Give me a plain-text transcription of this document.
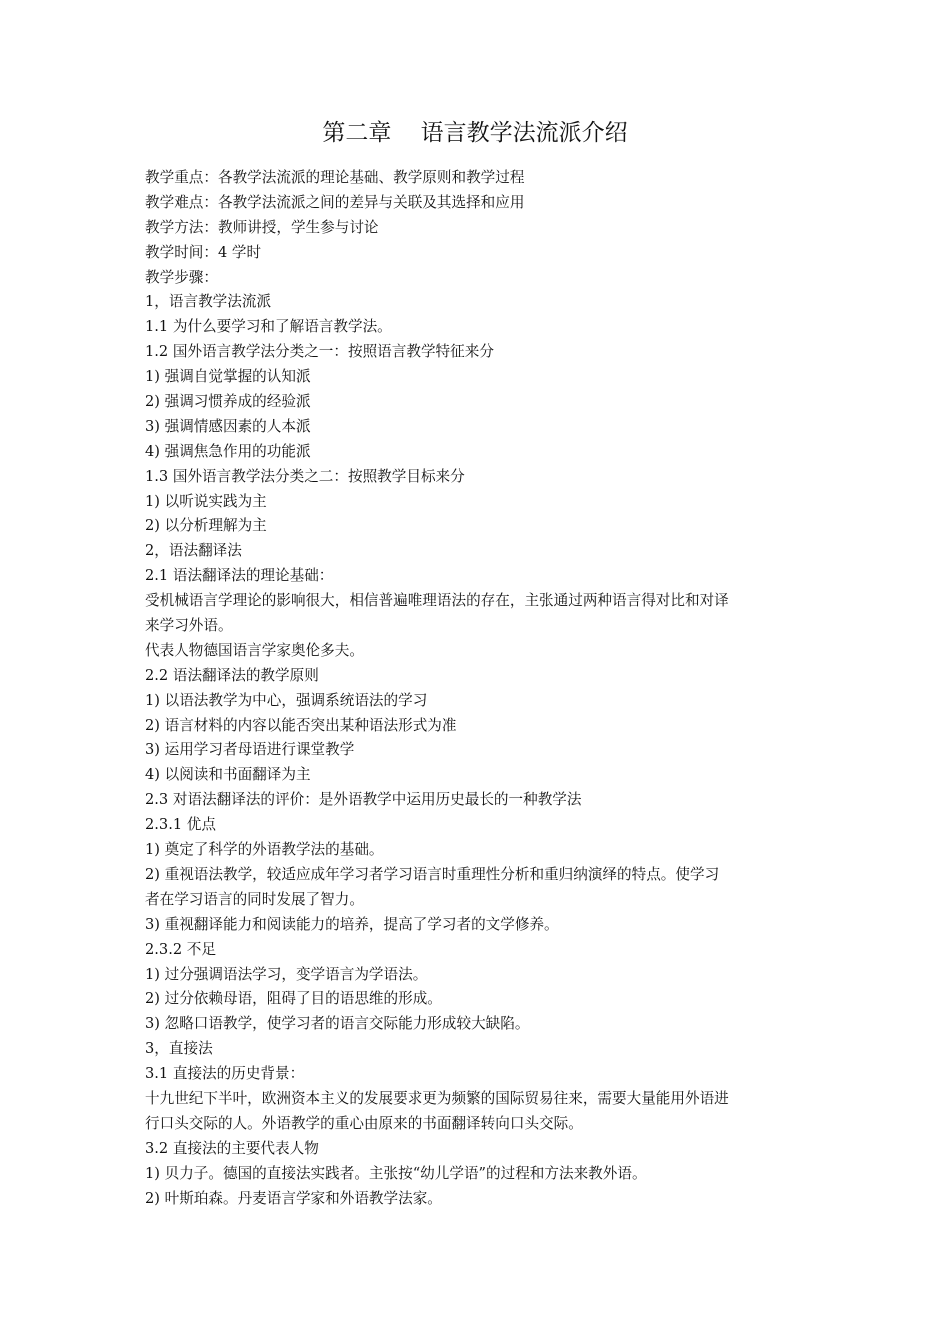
第二章    语言教学法流派介绍
教学重点：各教学法流派的理论基础、教学原则和教学过程
教学难点：各教学法流派之间的差异与关联及其选择和应用
教学方法：教师讲授，学生参与讨论
教学时间：4 学时
教学步骤：
1，语言教学法流派
1.1 为什么要学习和了解语言教学法。
1.2 国外语言教学法分类之一：按照语言教学特征来分
1) 强调自觉掌握的认知派
2) 强调习惯养成的经验派
3) 强调情感因素的人本派
4) 强调焦急作用的功能派
1.3 国外语言教学法分类之二：按照教学目标来分
1) 以听说实践为主
2) 以分析理解为主
2，语法翻译法
2.1 语法翻译法的理论基础：
受机械语言学理论的影响很大，相信普遍唯理语法的存在，主张通过两种语言得对比和对译
来学习外语。
代表人物德国语言学家奥伦多夫。
2.2 语法翻译法的教学原则
1) 以语法教学为中心，强调系统语法的学习
2) 语言材料的内容以能否突出某种语法形式为准
3) 运用学习者母语进行课堂教学
4) 以阅读和书面翻译为主
2.3 对语法翻译法的评价：是外语教学中运用历史最长的一种教学法
2.3.1 优点
1) 奠定了科学的外语教学法的基础。
2) 重视语法教学，较适应成年学习者学习语言时重理性分析和重归纳演绎的特点。使学习
者在学习语言的同时发展了智力。
3) 重视翻译能力和阅读能力的培养，提高了学习者的文学修养。
2.3.2 不足
1) 过分强调语法学习，变学语言为学语法。
2) 过分依赖母语，阻碍了目的语思维的形成。
3) 忽略口语教学，使学习者的语言交际能力形成较大缺陷。
3，直接法
3.1 直接法的历史背景：
十九世纪下半叶，欧洲资本主义的发展要求更为频繁的国际贸易往来，需要大量能用外语进
行口头交际的人。外语教学的重心由原来的书面翻译转向口头交际。
3.2 直接法的主要代表人物
1) 贝力子。德国的直接法实践者。主张按“幼儿学语”的过程和方法来教外语。
2) 叶斯珀森。丹麦语言学家和外语教学法家。
